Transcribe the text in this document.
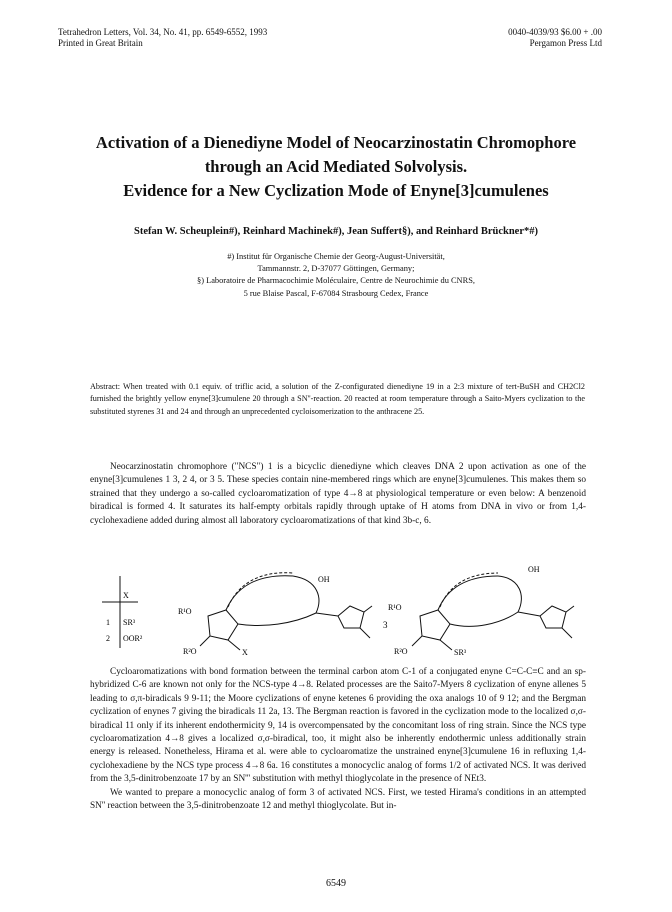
Tetrahedron Letters, Vol. 34, No. 41, pp. 6549-6552, 1993
Printed in Great Britain
0040-4039/93 $6.00 + .00
Pergamon Press Ltd
Activation of a Dienediyne Model of Neocarzinostatin Chromophore
through an Acid Mediated Solvolysis.
Evidence for a New Cyclization Mode of Enyne[3]cumulenes
Stefan W. Scheuplein#), Reinhard Machinek#), Jean Suffert§), and Reinhard Brückner*#)
#) Institut für Organische Chemie der Georg-August-Universität,
Tammannstr. 2, D-37077 Göttingen, Germany;
§) Laboratoire de Pharmacochimie Moléculaire, Centre de Neurochimie du CNRS,
5 rue Blaise Pascal, F-67084 Strasbourg Cedex, France
Abstract: When treated with 0.1 equiv. of triflic acid, a solution of the Z-configurated dienediyne 19 in a 2:3 mixture of tert-BuSH and CH2Cl2 furnished the brightly yellow enyne[3]cumulene 20 through a SN''-reaction. 20 reacted at room temperature through a Saito-Myers cyclization to the substituted styrenes 31 and 24 and through an unprecedented cycloisomerization to the anthracene 25.

Neocarzinostatin chromophore ("NCS") 1 is a bicyclic dienediyne which cleaves DNA 2 upon activation as one of the enyne[3]cumulenes 1 3, 2 4, or 3 5. These species contain nine-membered rings which are enyne[3]cumulenes. This makes them so strained that they undergo a so-called cycloaromatization of type 4→8 at physiological temperature or even below: A benzenoid biradical is formed 4. It saturates its half-empty orbitals rapidly through uptake of H atoms from DNA in vivo or from 1,4-cyclohexadiene added during almost all laboratory cycloaromatizations of that kind 3b-c, 6.

X
1 SR³
2 OOR²
OH
R¹O
R²O	X
3
OH
R¹O
R²O	SR³

Cycloaromatizations with bond formation between the terminal carbon atom C-1 of a conjugated enyne C=C-C≡C and an sp-hybridized C-6 are known not only for the NCS-type 4→8. Related processes are the Saito7-Myers 8 cyclization of enyne allenes 5 leading to σ,π-biradicals 9 9-11; the Moore cyclizations of enyne ketenes 6 providing the oxa analogs 10 of 9 12; and the Bergman cyclization of enynes 7 giving the biradicals 11 2a, 13. The Bergman reaction is favored in the cyclization mode to the localized σ,σ-biradical 11 only if its inherent endothermicity 9, 14 is overcompensated by the concomitant loss of ring strain. Since the NCS type cycloaromatization 4→8 gives a localized σ,σ-biradical, too, it might also be inherently endothermic unless additionally strain energy is released. Nonetheless, Hirama et al. were able to cycloaromatize the unstrained enyne[3]cumulene 16 in refluxing 1,4-cyclohexadiene by the NCS type process 4→8 6a. 16 constitutes a monocyclic analog of forms 1/2 of activated NCS. It was derived from the 3,5-dinitrobenzoate 17 by an SN''' substitution with methyl thioglycolate in the presence of NEt3.

We wanted to prepare a monocyclic analog of form 3 of activated NCS. First, we tested Hirama's conditions in an attempted SN'' reaction between the 3,5-dinitrobenzoate 12 and methyl thioglycolate. But in-

6549
